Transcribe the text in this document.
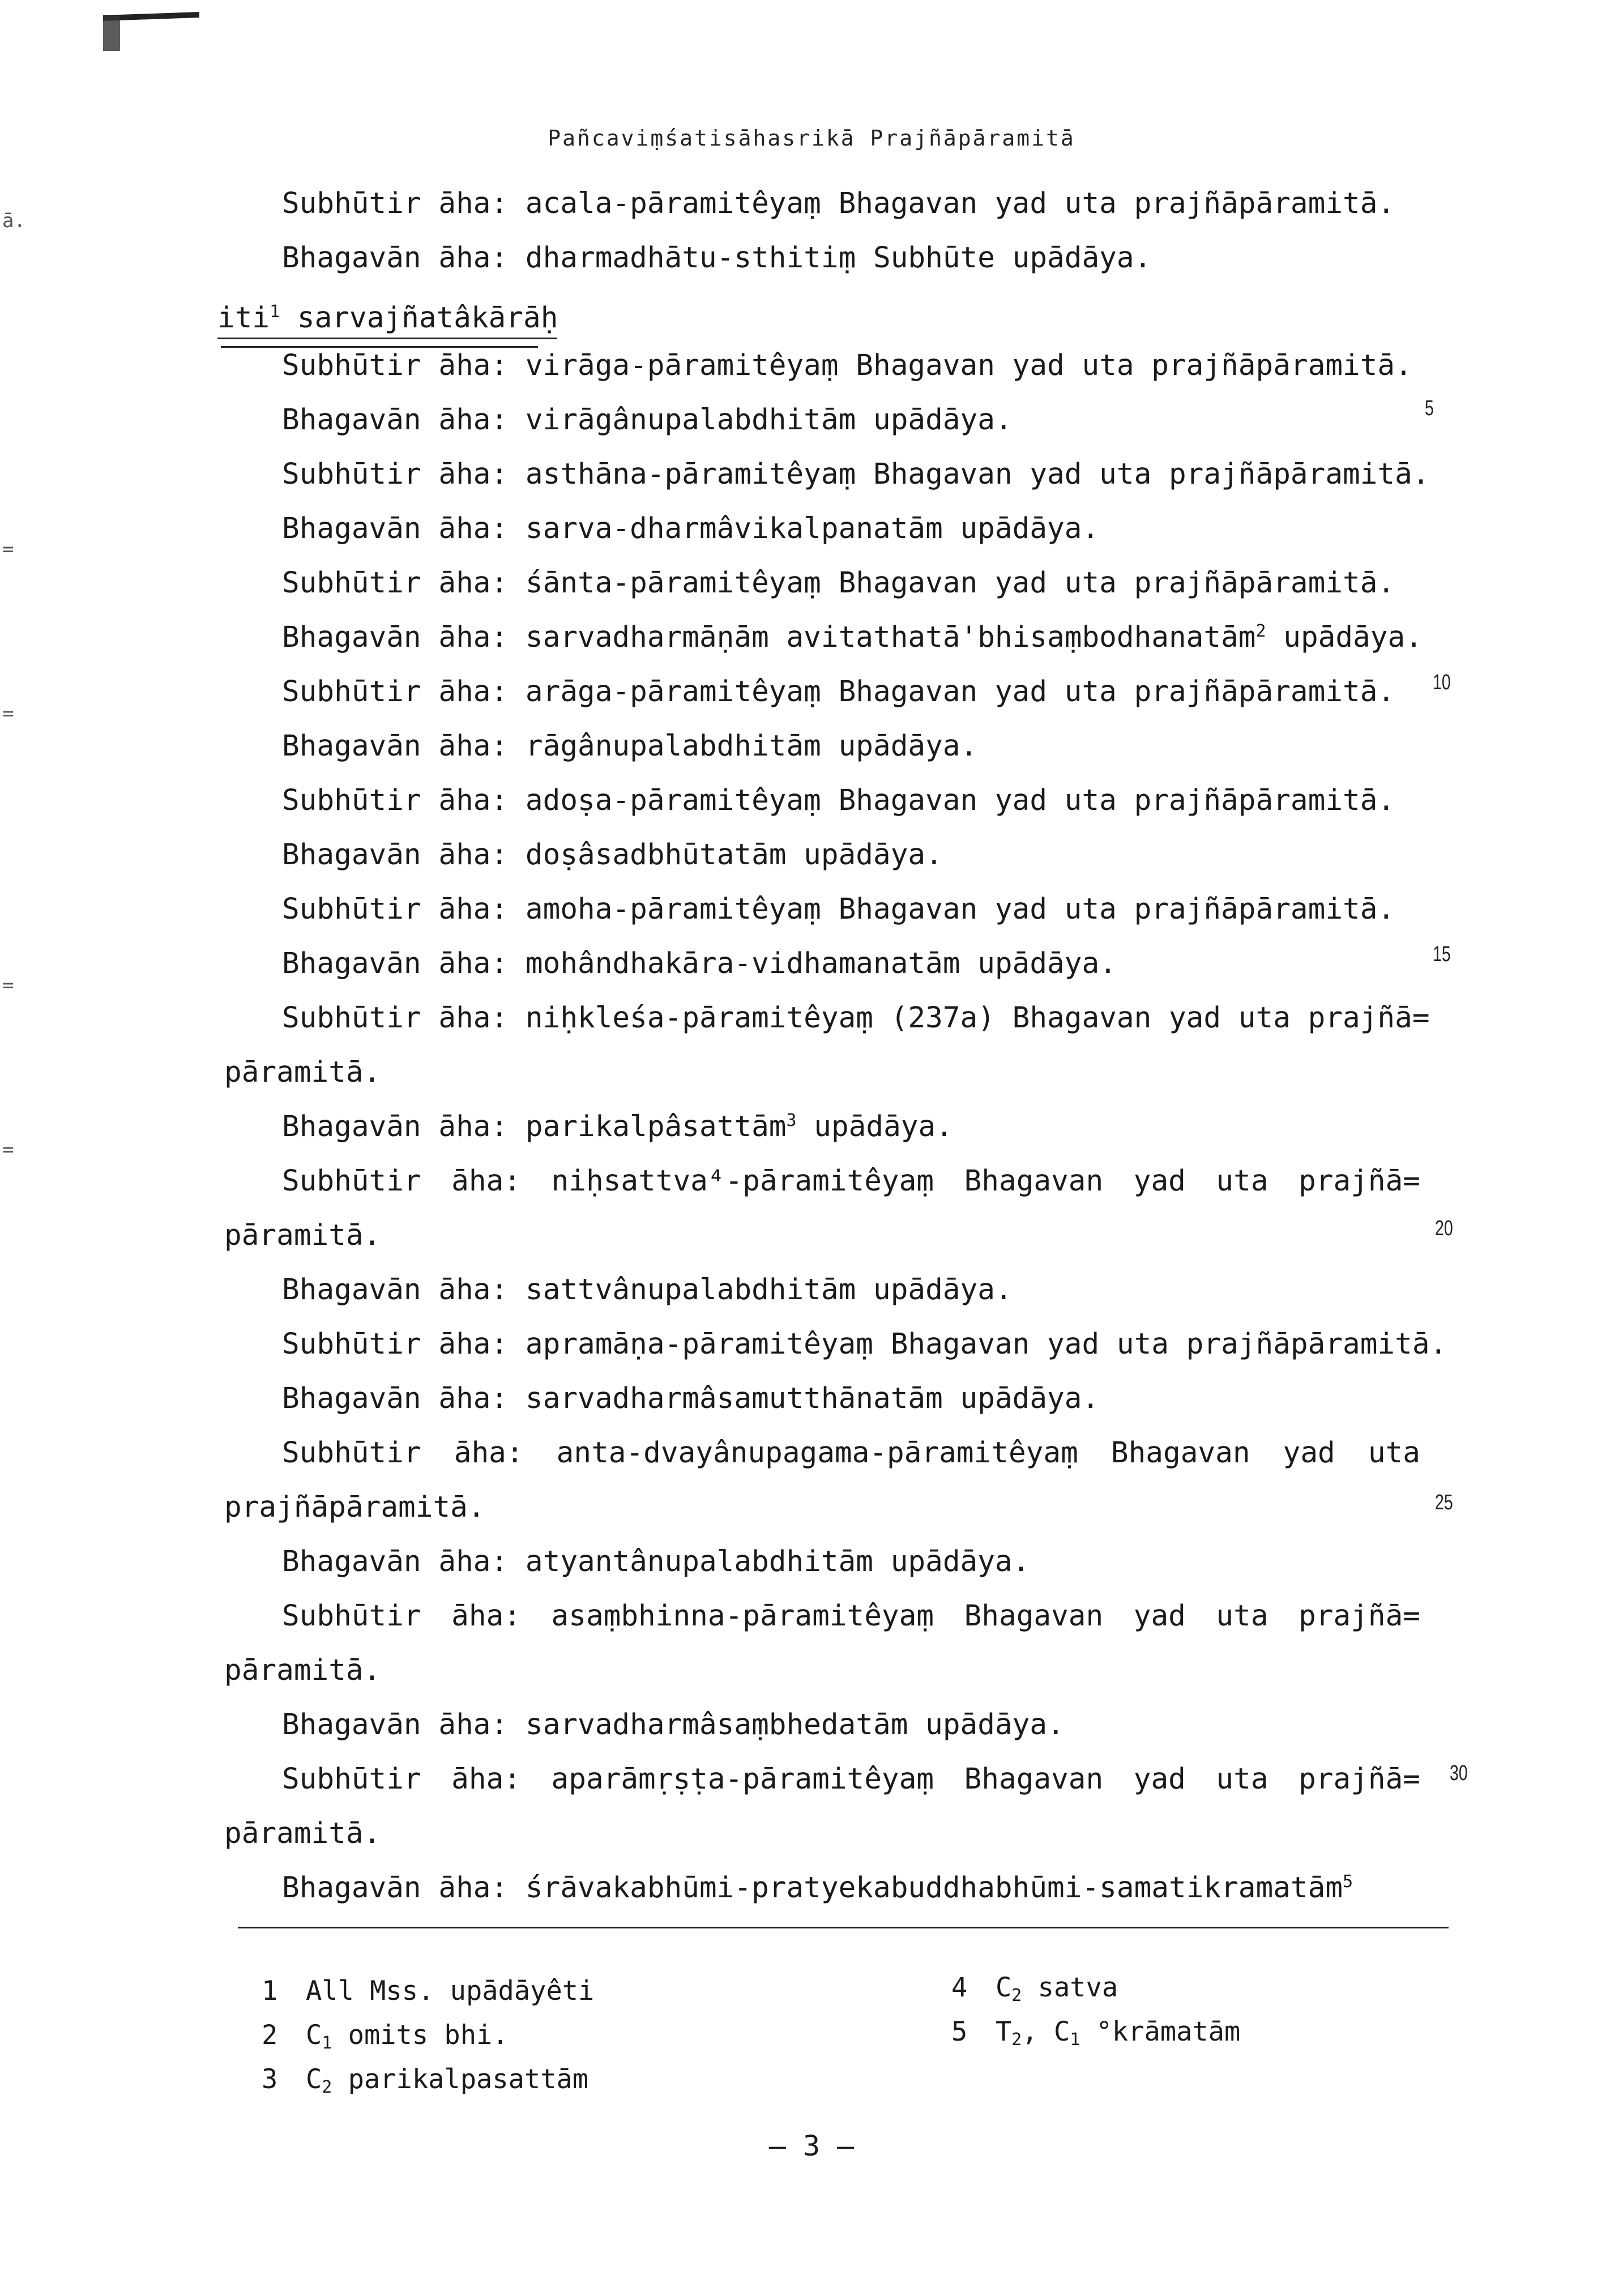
ā.
=
=
=
=
Pañcaviṃśatisāhasrikā Prajñāpāramitā
iti$^1$ sarvajñatâkārāḥ
Subhūtir āha: acala-pāramitêyaṃ Bhagavan yad uta prajñāpāramitā.
Bhagavān āha: dharmadhātu-sthitiṃ Subhūte upādāya.
Subhūtir āha: virāga-pāramitêyaṃ Bhagavan yad uta prajñāpāramitā.
Bhagavān āha: virāgânupalabdhitām upādāya.
Subhūtir āha: asthāna-pāramitêyaṃ Bhagavan yad uta prajñāpāramitā.
Bhagavān āha: sarva-dharmâvikalpanatām upādāya.
Subhūtir āha: śānta-pāramitêyaṃ Bhagavan yad uta prajñāpāramitā.
Bhagavān āha: sarvadharmāṇām avitathatā'bhisaṃbodhanatām$^2$ upādāya.
Subhūtir āha: arāga-pāramitêyaṃ Bhagavan yad uta prajñāpāramitā.
Bhagavān āha: rāgânupalabdhitām upādāya.
Subhūtir āha: adoṣa-pāramitêyaṃ Bhagavan yad uta prajñāpāramitā.
Bhagavān āha: doṣâsadbhūtatām upādāya.
Subhūtir āha: amoha-pāramitêyaṃ Bhagavan yad uta prajñāpāramitā.
Bhagavān āha: mohândhakāra-vidhamanatām upādāya.
Subhūtir āha: niḥkleśa-pāramitêyaṃ (237a) Bhagavan yad uta prajñā=
pāramitā.
Bhagavān āha: parikalpâsattām$^3$ upādāya.
Subhūtir āha: niḥsattva⁴-pāramitêyaṃ Bhagavan yad uta prajñā=
pāramitā.
Bhagavān āha: sattvânupalabdhitām upādāya.
Subhūtir āha: apramāṇa-pāramitêyaṃ Bhagavan yad uta prajñāpāramitā.
Bhagavān āha: sarvadharmâsamutthānatām upādāya.
Subhūtir āha: anta-dvayânupagama-pāramitêyaṃ Bhagavan yad uta
prajñāpāramitā.
Bhagavān āha: atyantânupalabdhitām upādāya.
Subhūtir āha: asaṃbhinna-pāramitêyaṃ Bhagavan yad uta prajñā=
pāramitā.
Bhagavān āha: sarvadharmâsaṃbhedatām upādāya.
Subhūtir āha: aparāmṛṣṭa-pāramitêyaṃ Bhagavan yad uta prajñā=
pāramitā.
Bhagavān āha: śrāvakabhūmi-pratyekabuddhabhūmi-samatikramatām$^5$
5
10
15
20
25
30
1 All Mss. upādāyêti
2 $C_1$ omits bhi.
3 $C_2$ parikalpasattām
4 $C_2$ satva
5 $T_2$, $C_1$ °krāmatām
— 3 —
